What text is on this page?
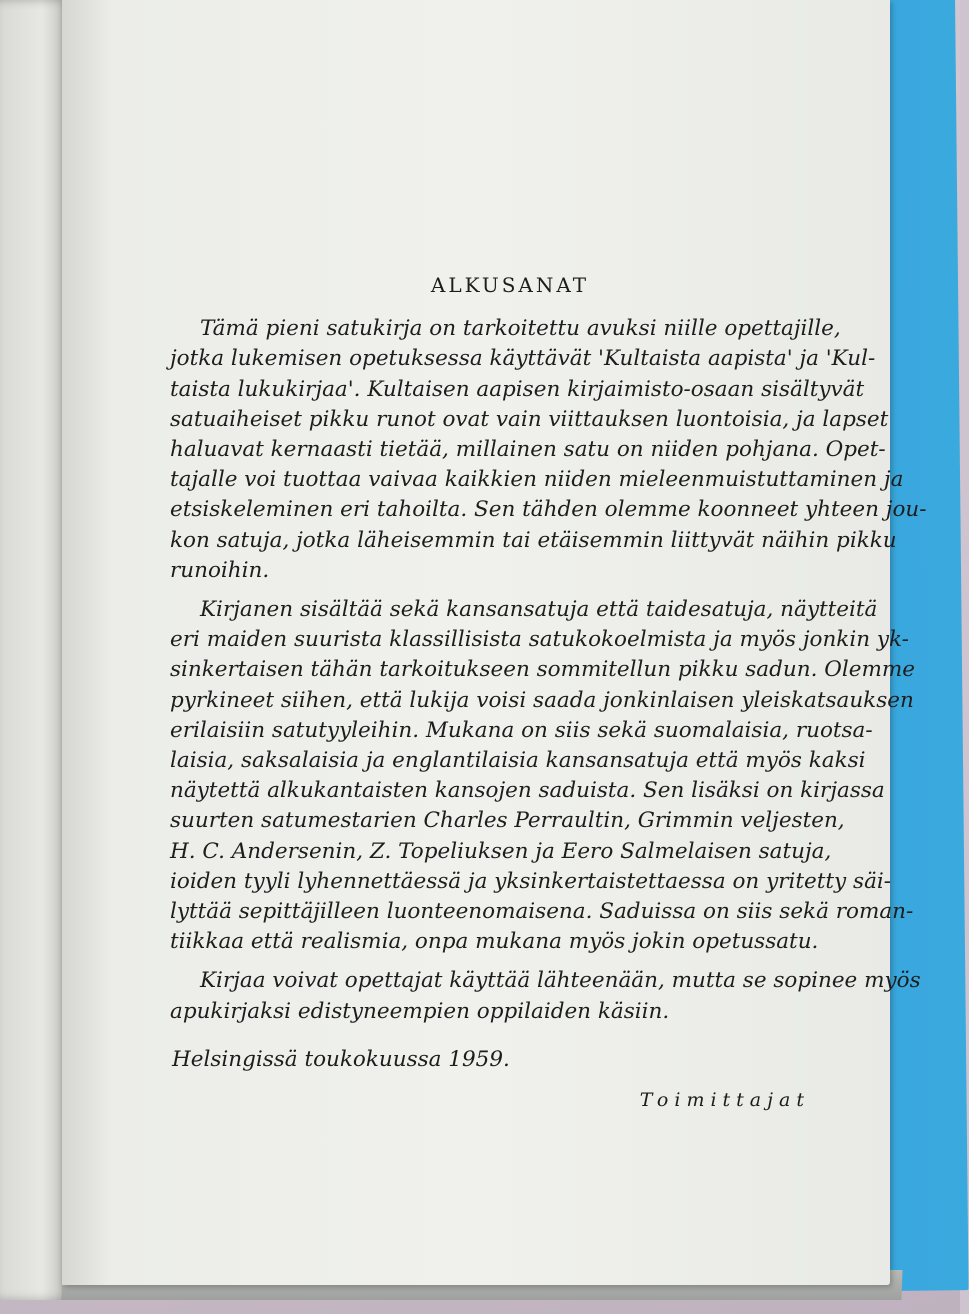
ALKUSANAT
Tämä pieni satukirja on tarkoitettu avuksi niille opettajille,
jotka lukemisen opetuksessa käyttävät 'Kultaista aapista' ja 'Kul-
taista lukukirjaa'. Kultaisen aapisen kirjaimisto-osaan sisältyvät
satuaiheiset pikku runot ovat vain viittauksen luontoisia, ja lapset
haluavat kernaasti tietää, millainen satu on niiden pohjana. Opet-
tajalle voi tuottaa vaivaa kaikkien niiden mieleenmuistuttaminen ja
etsiskeleminen eri tahoilta. Sen tähden olemme koonneet yhteen jou-
kon satuja, jotka läheisemmin tai etäisemmin liittyvät näihin pikku
runoihin.
Kirjanen sisältää sekä kansansatuja että taidesatuja, näytteitä
eri maiden suurista klassillisista satukokoelmista ja myös jonkin yk-
sinkertaisen tähän tarkoitukseen sommitellun pikku sadun. Olemme
pyrkineet siihen, että lukija voisi saada jonkinlaisen yleiskatsauksen
erilaisiin satutyyleihin. Mukana on siis sekä suomalaisia, ruotsa-
laisia, saksalaisia ja englantilaisia kansansatuja että myös kaksi
näytettä alkukantaisten kansojen saduista. Sen lisäksi on kirjassa
suurten satumestarien Charles Perraultin, Grimmin veljesten,
H. C. Andersenin, Z. Topeliuksen ja Eero Salmelaisen satuja,
ioiden tyyli lyhennettäessä ja yksinkertaistettaessa on yritetty säi-
lyttää sepittäjilleen luonteenomaisena. Saduissa on siis sekä roman-
tiikkaa että realismia, onpa mukana myös jokin opetussatu.
Kirjaa voivat opettajat käyttää lähteenään, mutta se sopinee myös
apukirjaksi edistyneempien oppilaiden käsiin.
Helsingissä toukokuussa 1959.
Toimittajat
